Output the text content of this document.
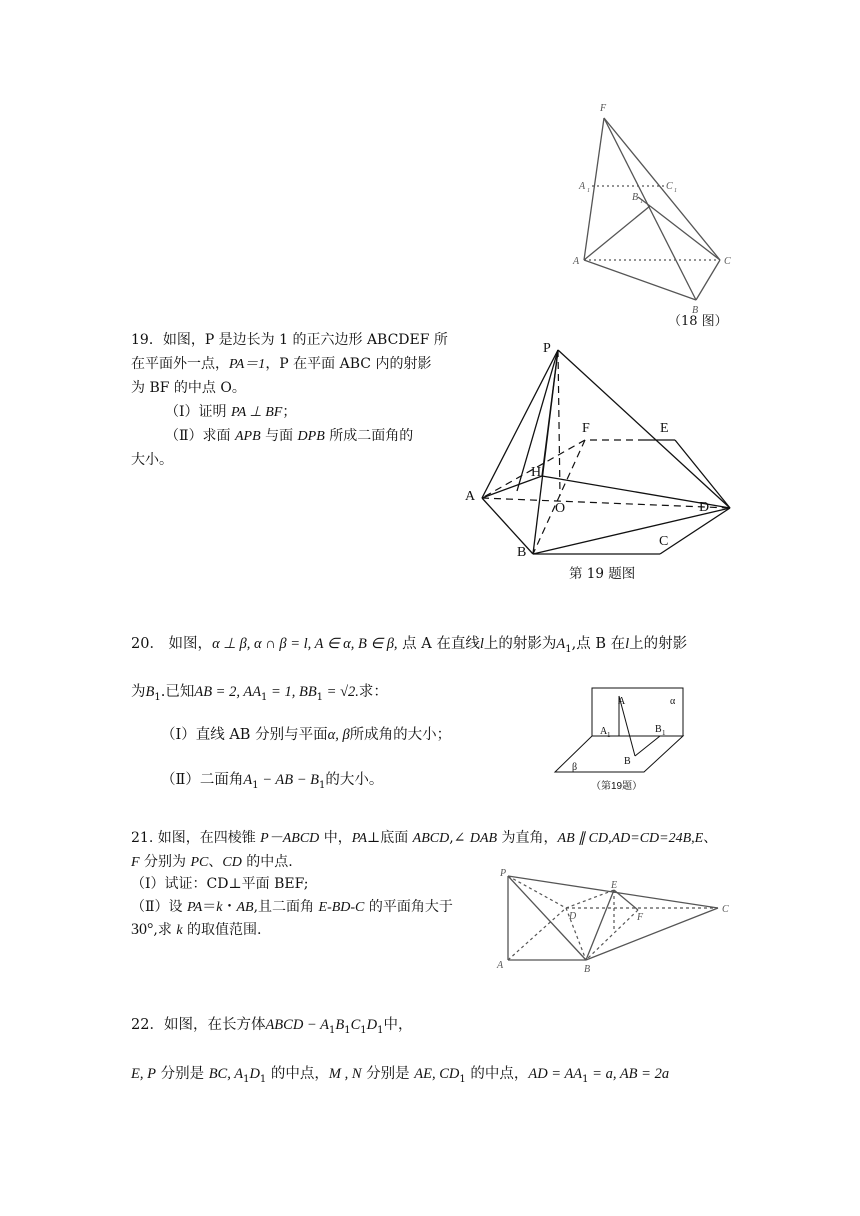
F
A 1	C 1
B 1
A
B
C
（18 图）
19．如图，P 是边长为 1 的正六边形 ABCDEF 所
在平面外一点，PA＝1，P 在平面 ABC 内的射影
为 BF 的中点 O。
（Ⅰ）证明 PA ⊥ BF；
（Ⅱ）求面 APB 与面 DPB 所成二面角的
大小。
P
F	E
H
A
O	D
B
C
第 19 题图
20． 如图，α ⊥ β, α ∩ β = l, A ∈ α, B ∈ β, 点 A 在直线l上的射影为$A_1$,点 B 在l上的射影
为$B_1$.已知AB = 2, $AA_1 = 1$, $BB_1 = √2$.求：
（Ⅰ）直线 AB 分别与平面α, β所成角的大小；
（Ⅱ）二面角$A_1$ − AB − $B_1$的大小。
A	α
A 1	B 1
B
β
（第19题）
21. 如图，在四棱锥 P－ABCD 中，PA⊥底面 ABCD,∠ DAB 为直角，AB ∥ CD,AD=CD=24B,E、
F 分别为 PC、CD 的中点.
（Ⅰ）试证：CD⊥平面 BEF;
（Ⅱ）设 PA＝k・AB,且二面角 E-BD-C 的平面角大于
30°,求 k 的取值范围.
P
E
D	F
C
A	B
22．如图，在长方体ABCD − $A_1B_1C_1D_1$中，
E, P 分别是 BC, $A_1D_1$ 的中点，M , N 分别是 AE, $CD_1$ 的中点，AD = $AA_1 = a$, AB = 2a
